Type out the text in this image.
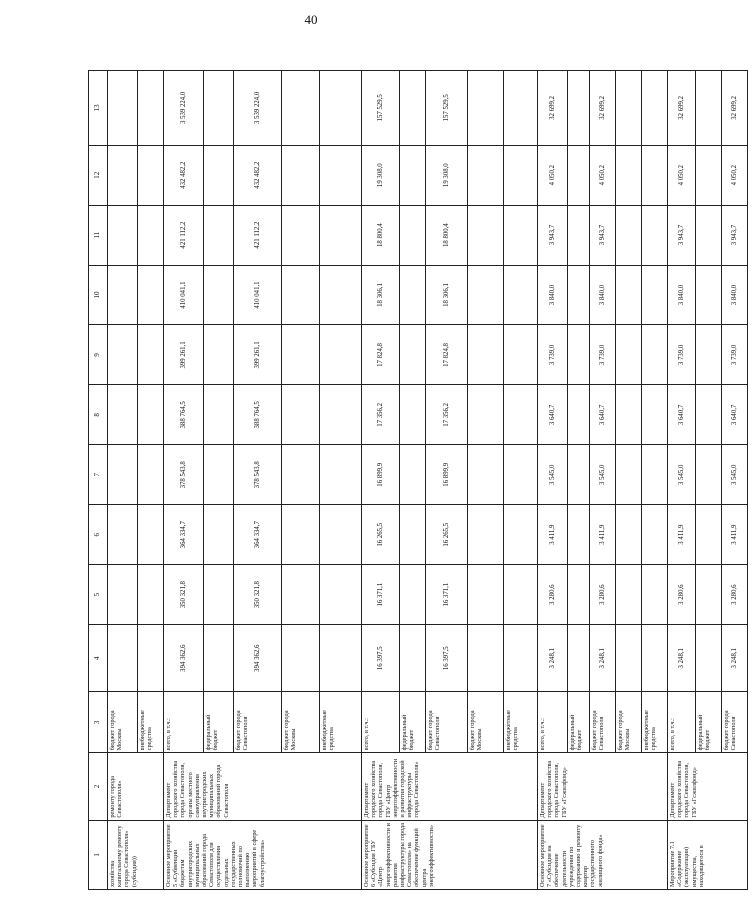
40
1	2	3	4	5	6	7	8	9	10	11	12	13
хозяйства капитальному ремонту города Севастополя» (субсидия))	ремонту города Севастополя»	бюджет города Москвы										
		внебюджетные средства										
Основное мероприятие 5 «Субвенции бюджетам внутригородских муниципальных образований города Севастополя для осуществления отдельных государственных полномочий по выполнению мероприятий в сфере благоустройства»	Департамент городского хозяйства города Севастополя, органы местного самоуправления внутригородских муниципальных образований города Севастополя	всего, в т.ч.:	394 362,6	350 321,8	364 334,7	378 543,8	388 764,5	399 261,1	410 041,1	421 112,2	432 482,2	3 539 224,0
		федеральный бюджет										
		бюджет города Севастополя	394 362,6	350 321,8	364 334,7	378 543,8	388 764,5	399 261,1	410 041,1	421 112,2	432 482,2	3 539 224,0
		бюджет города Москвы										
		внебюджетные средства										
Основное мероприятие 6 «Субсидия ГБУ «Центр энергоэффективности и развития инфраструктуры города Севастополя» на обеспечение функций центра энергоэффективности»	Департамент городского хозяйства города Севастополя, ГБУ «Центр энергоэффективности и развития городской инфраструктуры города Севастополя»	всего, в т.ч.:	16 397,5	16 371,1	16 265,5	16 899,9	17 356,2	17 824,8	18 306,1	18 800,4	19 308,0	157 529,5
		федеральный бюджет										
		бюджет города Севастополя	16 397,5	16 371,1	16 265,5	16 899,9	17 356,2	17 824,8	18 306,1	18 800,4	19 308,0	157 529,5
		бюджет города Москвы										
		внебюджетные средства										
Основное мероприятие 7 «Субсидия на обеспечение деятельности учреждения по содержанию и ремонту квартир государственного жилищного фонда»	Департамент городского хозяйства города Севастополя, ГБУ «Гсжилфонд»	всего, в т.ч.:	3 248,1	3 280,6	3 411,9	3 545,0	3 640,7	3 739,0	3 840,0	3 943,7	4 050,2	32 699,2
		федеральный бюджет										
		бюджет города Севастополя	3 248,1	3 280,6	3 411,9	3 545,0	3 640,7	3 739,0	3 840,0	3 943,7	4 050,2	32 699,2
		бюджет города Москвы										
		внебюджетные средства										
Мероприятие 7.1 «Содержание (эксплуатация) имущества, находящегося в	Департамент городского хозяйства города Севастополя, ГБУ «Гсжилфонд»	всего, в т.ч.:	3 248,1	3 280,6	3 411,9	3 545,0	3 640,7	3 739,0	3 840,0	3 943,7	4 050,2	32 699,2
		федеральный бюджет										
		бюджет города Севастополя	3 248,1	3 280,6	3 411,9	3 545,0	3 640,7	3 739,0	3 840,0	3 943,7	4 050,2	32 699,2
